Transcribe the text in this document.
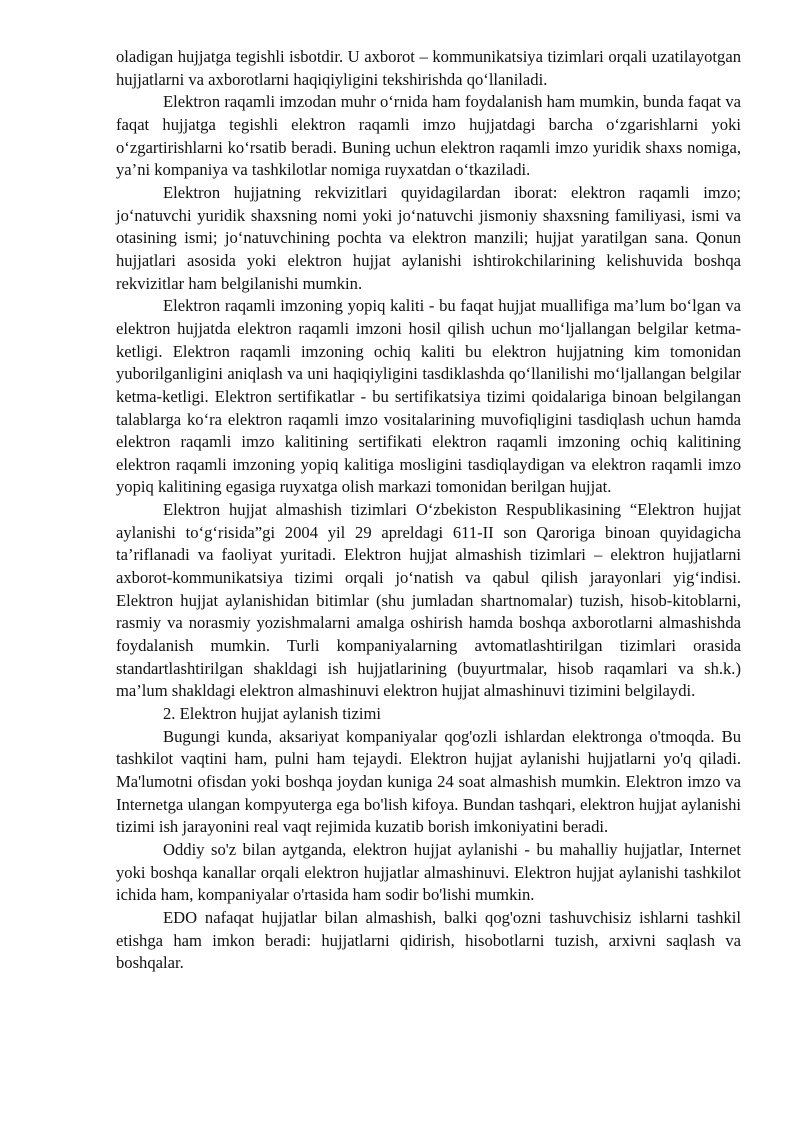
oladigan hujjatga tegishli isbotdir. U axborot – kommunikatsiya tizimlari orqali uzatilayotgan hujjatlarni va axborotlarni haqiqiyligini tekshirishda qo‘llaniladi.

Elektron raqamli imzodan muhr o‘rnida ham foydalanish ham mumkin, bunda faqat va faqat hujjatga tegishli elektron raqamli imzo hujjatdagi barcha o‘zgarishlarni yoki o‘zgartirishlarni ko‘rsatib beradi. Buning uchun elektron raqamli imzo yuridik shaxs nomiga, ya’ni kompaniya va tashkilotlar nomiga ruyxatdan o‘tkaziladi.

Elektron hujjatning rekvizitlari quyidagilardan iborat: elektron raqamli imzo; jo‘natuvchi yuridik shaxsning nomi yoki jo‘natuvchi jismoniy shaxsning familiyasi, ismi va otasining ismi; jo‘natuvchining pochta va elektron manzili; hujjat yaratilgan sana. Qonun hujjatlari asosida yoki elektron hujjat aylanishi ishtirokchilarining kelishuvida boshqa rekvizitlar ham belgilanishi mumkin.

Elektron raqamli imzoning yopiq kaliti - bu faqat hujjat muallifiga ma’lum bo‘lgan va elektron hujjatda elektron raqamli imzoni hosil qilish uchun mo‘ljallangan belgilar ketma-ketligi. Elektron raqamli imzoning ochiq kaliti bu elektron hujjatning kim tomonidan yuborilganligini aniqlash va uni haqiqiyligini tasdiklashda qo‘llanilishi mo‘ljallangan belgilar ketma-ketligi. Elektron sertifikatlar - bu sertifikatsiya tizimi qoidalariga binoan belgilangan talablarga ko‘ra elektron raqamli imzo vositalarining muvofiqligini tasdiqlash uchun hamda elektron raqamli imzo kalitining sertifikati elektron raqamli imzoning ochiq kalitining elektron raqamli imzoning yopiq kalitiga mosligini tasdiqlaydigan va elektron raqamli imzo yopiq kalitining egasiga ruyxatga olish markazi tomonidan berilgan hujjat.

Elektron hujjat almashish tizimlari O‘zbekiston Respublikasining “Elektron hujjat aylanishi to‘g‘risida”gi 2004 yil 29 apreldagi 611-II son Qaroriga binoan quyidagicha ta’riflanadi va faoliyat yuritadi. Elektron hujjat almashish tizimlari – elektron hujjatlarni axborot-kommunikatsiya tizimi orqali jo‘natish va qabul qilish jarayonlari yig‘indisi. Elektron hujjat aylanishidan bitimlar (shu jumladan shartnomalar) tuzish, hisob-kitoblarni, rasmiy va norasmiy yozishmalarni amalga oshirish hamda boshqa axborotlarni almashishda foydalanish mumkin. Turli kompaniyalarning avtomatlashtirilgan tizimlari orasida standartlashtirilgan shakldagi ish hujjatlarining (buyurtmalar, hisob raqamlari va sh.k.) ma’lum shakldagi elektron almashinuvi elektron hujjat almashinuvi tizimini belgilaydi.

2. Elektron hujjat aylanish tizimi

Bugungi kunda, aksariyat kompaniyalar qog'ozli ishlardan elektronga o'tmoqda. Bu tashkilot vaqtini ham, pulni ham tejaydi. Elektron hujjat aylanishi hujjatlarni yo'q qiladi. Ma'lumotni ofisdan yoki boshqa joydan kuniga 24 soat almashish mumkin. Elektron imzo va Internetga ulangan kompyuterga ega bo'lish kifoya. Bundan tashqari, elektron hujjat aylanishi tizimi ish jarayonini real vaqt rejimida kuzatib borish imkoniyatini beradi.

Oddiy so'z bilan aytganda, elektron hujjat aylanishi - bu mahalliy hujjatlar, Internet yoki boshqa kanallar orqali elektron hujjatlar almashinuvi. Elektron hujjat aylanishi tashkilot ichida ham, kompaniyalar o'rtasida ham sodir bo'lishi mumkin.

EDO nafaqat hujjatlar bilan almashish, balki qog'ozni tashuvchisiz ishlarni tashkil etishga ham imkon beradi: hujjatlarni qidirish, hisobotlarni tuzish, arxivni saqlash va boshqalar.
